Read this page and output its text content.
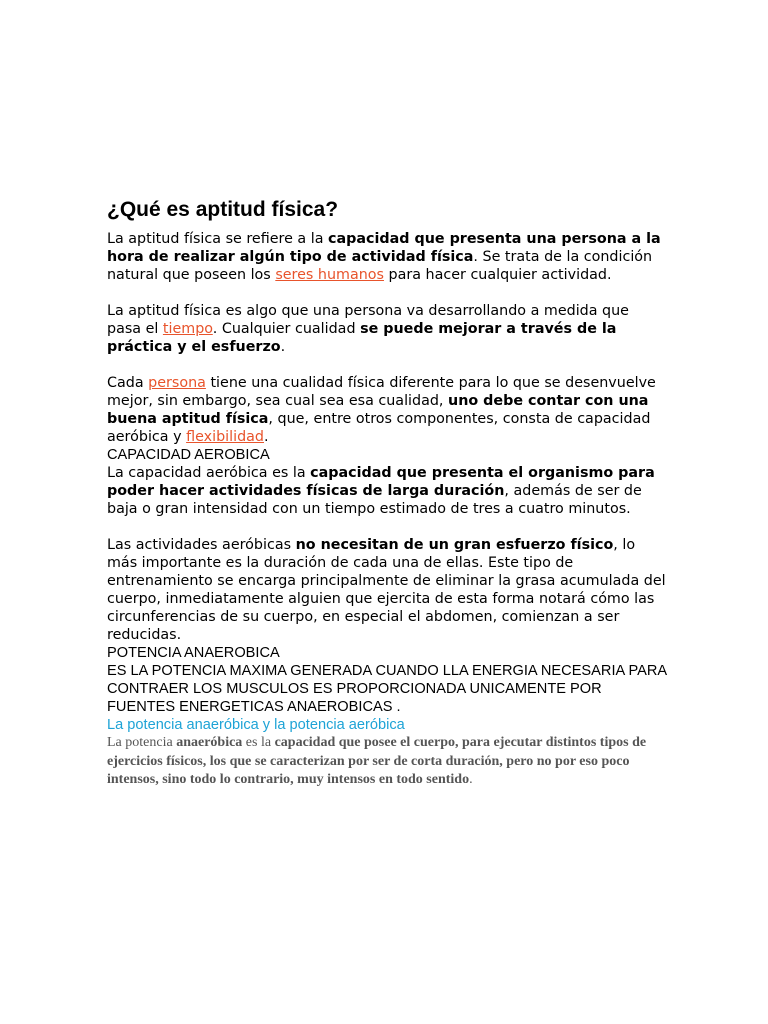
¿Qué es aptitud física?

La aptitud física se refiere a la capacidad que presenta una persona a la hora de realizar algún tipo de actividad física. Se trata de la condición natural que poseen los seres humanos para hacer cualquier actividad.

La aptitud física es algo que una persona va desarrollando a medida que pasa el tiempo. Cualquier cualidad se puede mejorar a través de la práctica y el esfuerzo.

Cada persona tiene una cualidad física diferente para lo que se desenvuelve mejor, sin embargo, sea cual sea esa cualidad, uno debe contar con una buena aptitud física, que, entre otros componentes, consta de capacidad aeróbica y flexibilidad.

CAPACIDAD AEROBICA

La capacidad aeróbica es la capacidad que presenta el organismo para poder hacer actividades físicas de larga duración, además de ser de baja o gran intensidad con un tiempo estimado de tres a cuatro minutos.

Las actividades aeróbicas no necesitan de un gran esfuerzo físico, lo más importante es la duración de cada una de ellas. Este tipo de entrenamiento se encarga principalmente de eliminar la grasa acumulada del cuerpo, inmediatamente alguien que ejercita de esta forma notará cómo las circunferencias de su cuerpo, en especial el abdomen, comienzan a ser reducidas.

POTENCIA ANAEROBICA

ES LA POTENCIA MAXIMA GENERADA CUANDO LLA ENERGIA NECESARIA PARA CONTRAER LOS MUSCULOS ES PROPORCIONADA UNICAMENTE POR FUENTES ENERGETICAS ANAEROBICAS .

La potencia anaeróbica y la potencia aeróbica

La potencia anaeróbica es la capacidad que posee el cuerpo, para ejecutar distintos tipos de ejercicios físicos, los que se caracterizan por ser de corta duración, pero no por eso poco intensos, sino todo lo contrario, muy intensos en todo sentido.
